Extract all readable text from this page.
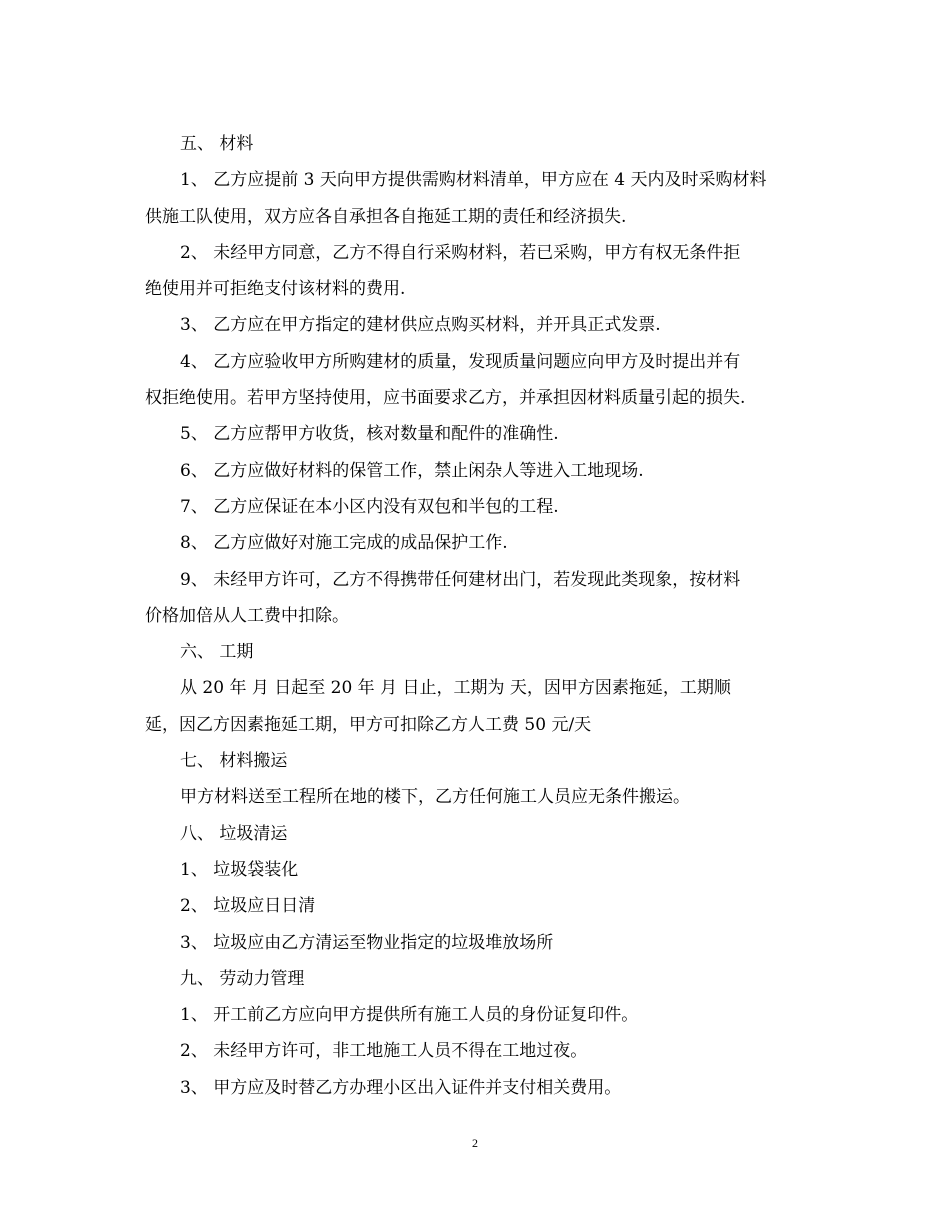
五、 材料
1、 乙方应提前 3 天向甲方提供需购材料清单，甲方应在 4 天内及时采购材料
供施工队使用，双方应各自承担各自拖延工期的责任和经济损失.
2、 未经甲方同意，乙方不得自行采购材料，若已采购，甲方有权无条件拒
绝使用并可拒绝支付该材料的费用.
3、 乙方应在甲方指定的建材供应点购买材料，并开具正式发票.
4、 乙方应验收甲方所购建材的质量，发现质量问题应向甲方及时提出并有
权拒绝使用。若甲方坚持使用，应书面要求乙方，并承担因材料质量引起的损失.
5、 乙方应帮甲方收货，核对数量和配件的准确性.
6、 乙方应做好材料的保管工作，禁止闲杂人等进入工地现场.
7、 乙方应保证在本小区内没有双包和半包的工程.
8、 乙方应做好对施工完成的成品保护工作.
9、 未经甲方许可，乙方不得携带任何建材出门，若发现此类现象，按材料
价格加倍从人工费中扣除。
六、 工期
从 20 年 月 日起至 20 年 月 日止，工期为 天，因甲方因素拖延，工期顺
延，因乙方因素拖延工期，甲方可扣除乙方人工费 50 元/天
七、 材料搬运
甲方材料送至工程所在地的楼下，乙方任何施工人员应无条件搬运。
八、 垃圾清运
1、 垃圾袋装化
2、 垃圾应日日清
3、 垃圾应由乙方清运至物业指定的垃圾堆放场所
九、 劳动力管理
1、 开工前乙方应向甲方提供所有施工人员的身份证复印件。
2、 未经甲方许可，非工地施工人员不得在工地过夜。
3、 甲方应及时替乙方办理小区出入证件并支付相关费用。
2
